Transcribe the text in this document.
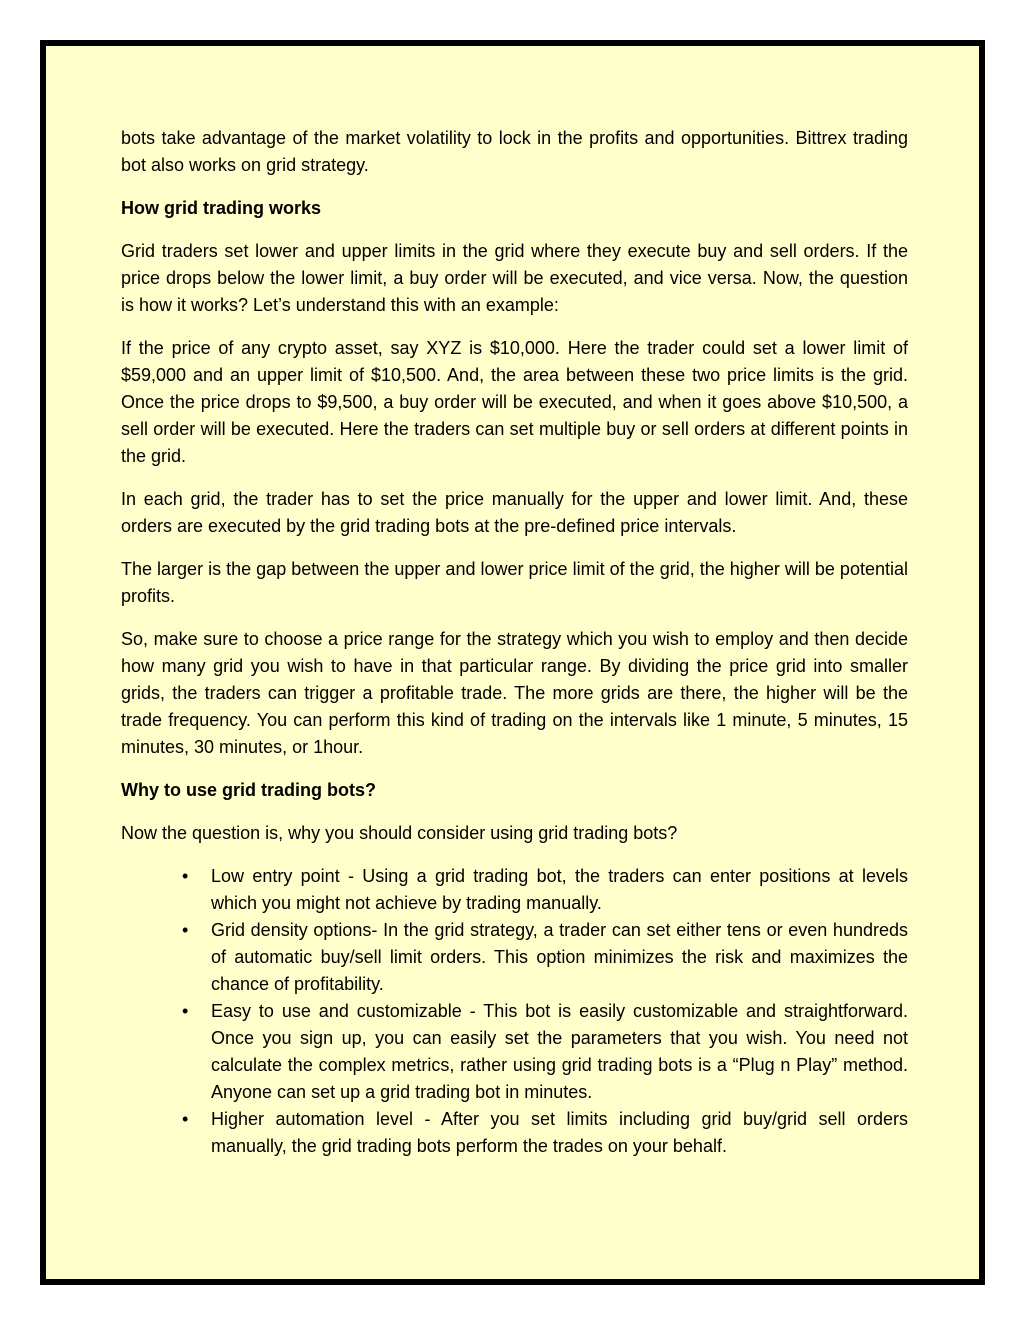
bots take advantage of the market volatility to lock in the profits and opportunities. Bittrex trading bot also works on grid strategy.

How grid trading works

Grid traders set lower and upper limits in the grid where they execute buy and sell orders. If the price drops below the lower limit, a buy order will be executed, and vice versa. Now, the question is how it works? Let’s understand this with an example:

If the price of any crypto asset, say XYZ is $10,000. Here the trader could set a lower limit of $59,000 and an upper limit of $10,500. And, the area between these two price limits is the grid. Once the price drops to $9,500, a buy order will be executed, and when it goes above $10,500, a sell order will be executed. Here the traders can set multiple buy or sell orders at different points in the grid.

In each grid, the trader has to set the price manually for the upper and lower limit. And, these orders are executed by the grid trading bots at the pre-defined price intervals.

The larger is the gap between the upper and lower price limit of the grid, the higher will be potential profits.

So, make sure to choose a price range for the strategy which you wish to employ and then decide how many grid you wish to have in that particular range. By dividing the price grid into smaller grids, the traders can trigger a profitable trade. The more grids are there, the higher will be the trade frequency. You can perform this kind of trading on the intervals like 1 minute, 5 minutes, 15 minutes, 30 minutes, or 1hour.

Why to use grid trading bots?

Now the question is, why you should consider using grid trading bots?

• Low entry point - Using a grid trading bot, the traders can enter positions at levels which you might not achieve by trading manually.
• Grid density options- In the grid strategy, a trader can set either tens or even hundreds of automatic buy/sell limit orders. This option minimizes the risk and maximizes the chance of profitability.
• Easy to use and customizable - This bot is easily customizable and straightforward. Once you sign up, you can easily set the parameters that you wish. You need not calculate the complex metrics, rather using grid trading bots is a “Plug n Play” method. Anyone can set up a grid trading bot in minutes.
• Higher automation level - After you set limits including grid buy/grid sell orders manually, the grid trading bots perform the trades on your behalf.
